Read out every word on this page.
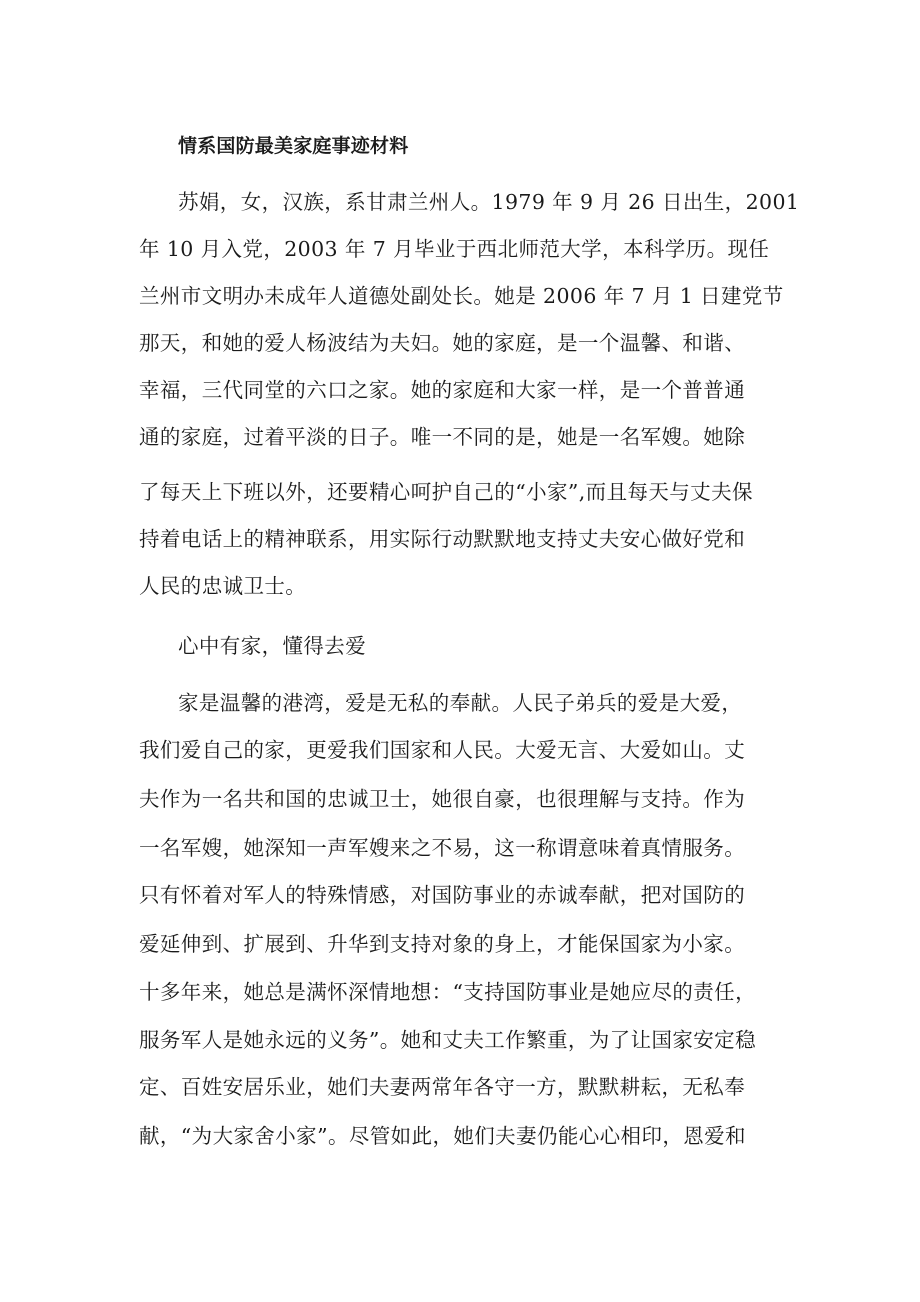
情系国防最美家庭事迹材料
苏娟，女，汉族，系甘肃兰州人。1979 年 9 月 26 日出生，2001
年 10 月入党，2003 年 7 月毕业于西北师范大学，本科学历。现任
兰州市文明办未成年人道德处副处长。她是 2006 年 7 月 1 日建党节
那天，和她的爱人杨波结为夫妇。她的家庭，是一个温馨、和谐、
幸福，三代同堂的六口之家。她的家庭和大家一样，是一个普普通
通的家庭，过着平淡的日子。唯一不同的是，她是一名军嫂。她除
了每天上下班以外，还要精心呵护自己的“小家”,而且每天与丈夫保
持着电话上的精神联系，用实际行动默默地支持丈夫安心做好党和
人民的忠诚卫士。
心中有家，懂得去爱
家是温馨的港湾，爱是无私的奉献。人民子弟兵的爱是大爱，
我们爱自己的家，更爱我们国家和人民。大爱无言、大爱如山。丈
夫作为一名共和国的忠诚卫士，她很自豪，也很理解与支持。作为
一名军嫂，她深知一声军嫂来之不易，这一称谓意味着真情服务。
只有怀着对军人的特殊情感，对国防事业的赤诚奉献，把对国防的
爱延伸到、扩展到、升华到支持对象的身上，才能保国家为小家。
十多年来，她总是满怀深情地想：“支持国防事业是她应尽的责任，
服务军人是她永远的义务”。她和丈夫工作繁重，为了让国家安定稳
定、百姓安居乐业，她们夫妻两常年各守一方，默默耕耘，无私奉
献，“为大家舍小家”。尽管如此，她们夫妻仍能心心相印，恩爱和
